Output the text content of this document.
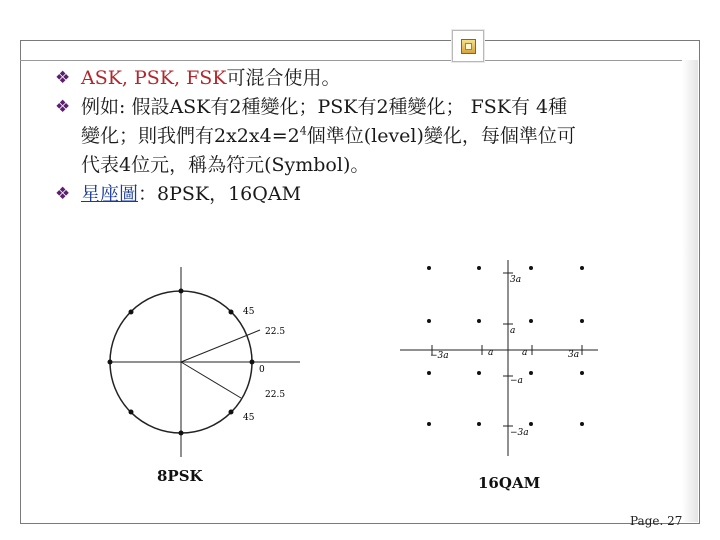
❖ ASK, PSK, FSK可混合使用。
❖ 例如: 假設ASK有2種變化；PSK有2種變化； FSK有 4種
變化；則我們有$2x2x4=2^4$個準位(level)變化，每個準位可
代表4位元，稱為符元(Symbol)。
❖ 星座圖：8PSK，16QAM
45
22.5
0
22.5
45
3a
a
−3a	a	a	3a
−a
−3a
8PSK	16QAM
Page. 27
